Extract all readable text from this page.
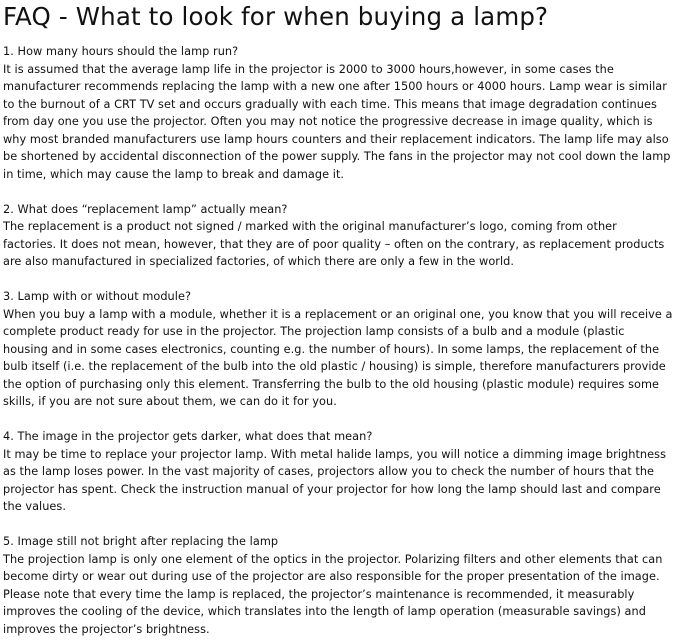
FAQ - What to look for when buying a lamp?

1. How many hours should the lamp run?

It is assumed that the average lamp life in the projector is 2000 to 3000 hours,however, in some cases the manufacturer recommends replacing the lamp with a new one after 1500 hours or 4000 hours. Lamp wear is similar to the burnout of a CRT TV set and occurs gradually with each time. This means that image degradation continues from day one you use the projector. Often you may not notice the progressive decrease in image quality, which is why most branded manufacturers use lamp hours counters and their replacement indicators. The lamp life may also be shortened by accidental disconnection of the power supply. The fans in the projector may not cool down the lamp in time, which may cause the lamp to break and damage it.

2. What does “replacement lamp” actually mean?

The replacement is a product not signed / marked with the original manufacturer’s logo, coming from other factories. It does not mean, however, that they are of poor quality – often on the contrary, as replacement products are also manufactured in specialized factories, of which there are only a few in the world.

3. Lamp with or without module?

When you buy a lamp with a module, whether it is a replacement or an original one, you know that you will receive a complete product ready for use in the projector. The projection lamp consists of a bulb and a module (plastic housing and in some cases electronics, counting e.g. the number of hours). In some lamps, the replacement of the bulb itself (i.e. the replacement of the bulb into the old plastic / housing) is simple, therefore manufacturers provide the option of purchasing only this element. Transferring the bulb to the old housing (plastic module) requires some skills, if you are not sure about them, we can do it for you.

4. The image in the projector gets darker, what does that mean?

It may be time to replace your projector lamp. With metal halide lamps, you will notice a dimming image brightness as the lamp loses power. In the vast majority of cases, projectors allow you to check the number of hours that the projector has spent. Check the instruction manual of your projector for how long the lamp should last and compare the values.

5. Image still not bright after replacing the lamp

The projection lamp is only one element of the optics in the projector. Polarizing filters and other elements that can become dirty or wear out during use of the projector are also responsible for the proper presentation of the image. Please note that every time the lamp is replaced, the projector’s maintenance is recommended, it measurably improves the cooling of the device, which translates into the length of lamp operation (measurable savings) and improves the projector’s brightness.
